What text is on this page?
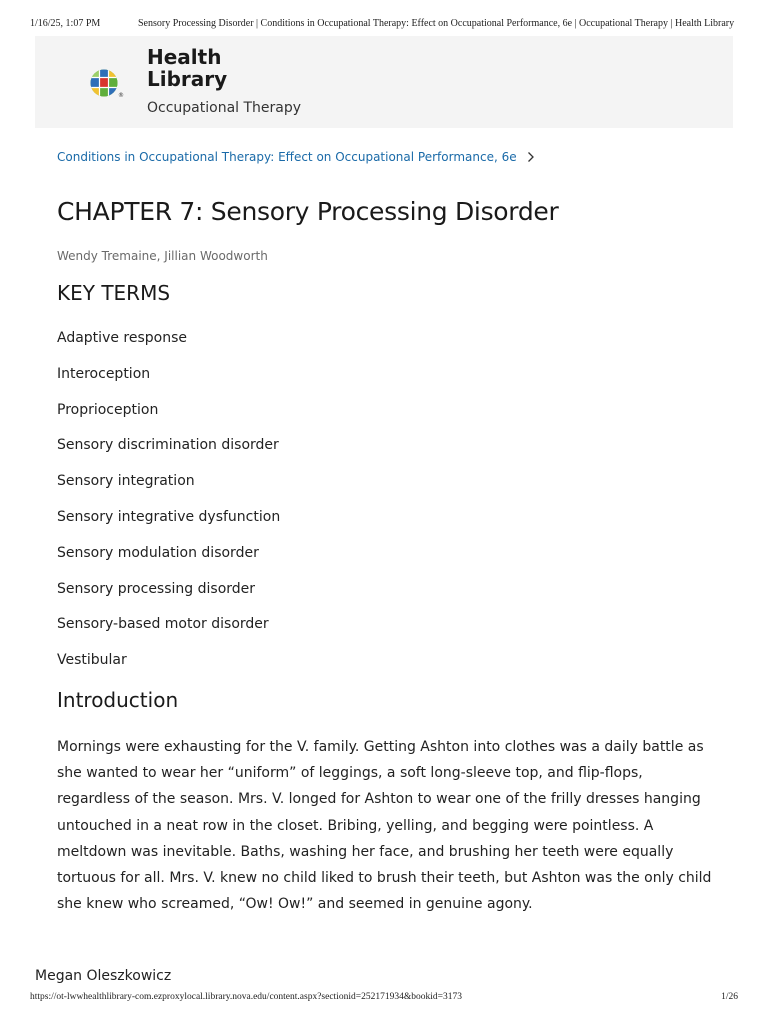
1/16/25, 1:07 PM	Sensory Processing Disorder | Conditions in Occupational Therapy: Effect on Occupational Performance, 6e | Occupational Therapy | Health Library
®
Health
Library
Occupational Therapy
Conditions in Occupational Therapy: Effect on Occupational Performance, 6e
CHAPTER 7: Sensory Processing Disorder
Wendy Tremaine, Jillian Woodworth
KEY TERMS
Adaptive response
Interoception
Proprioception
Sensory discrimination disorder
Sensory integration
Sensory integrative dysfunction
Sensory modulation disorder
Sensory processing disorder
Sensory-based motor disorder
Vestibular
Introduction

Mornings were exhausting for the V. family. Getting Ashton into clothes was a daily battle as she wanted to wear her “uniform” of leggings, a soft long-sleeve top, and flip-flops, regardless of the season. Mrs. V. longed for Ashton to wear one of the frilly dresses hanging untouched in a neat row in the closet. Bribing, yelling, and begging were pointless. A meltdown was inevitable. Baths, washing her face, and brushing her teeth were equally tortuous for all. Mrs. V. knew no child liked to brush their teeth, but Ashton was the only child she knew who screamed, “Ow! Ow!” and seemed in genuine agony.

Megan Oleszkowicz
https://ot-lwwhealthlibrary-com.ezproxylocal.library.nova.edu/content.aspx?sectionid=252171934&bookid=3173	1/26
